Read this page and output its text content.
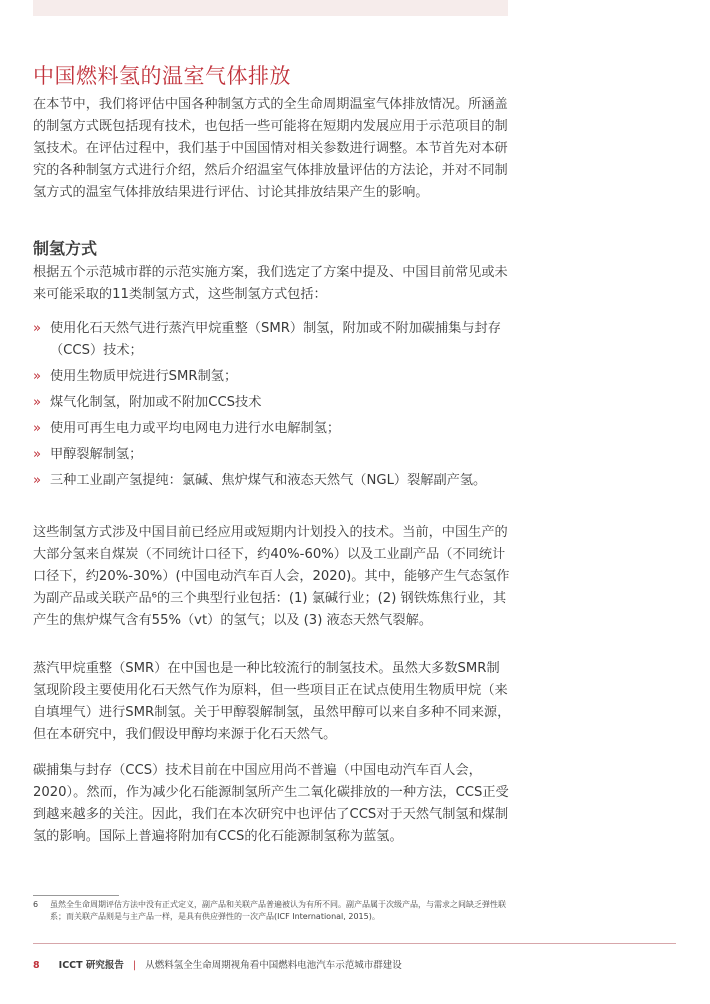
中国燃料氢的温室气体排放

在本节中，我们将评估中国各种制氢方式的全生命周期温室气体排放情况。所涵盖的制氢方式既包括现有技术，也包括一些可能将在短期内发展应用于示范项目的制氢技术。在评估过程中，我们基于中国国情对相关参数进行调整。本节首先对本研究的各种制氢方式进行介绍，然后介绍温室气体排放量评估的方法论，并对不同制氢方式的温室气体排放结果进行评估、讨论其排放结果产生的影响。

制氢方式

根据五个示范城市群的示范实施方案，我们选定了方案中提及、中国目前常见或未来可能采取的11类制氢方式，这些制氢方式包括：

» 使用化石天然气进行蒸汽甲烷重整（SMR）制氢，附加或不附加碳捕集与封存（CCS）技术；
» 使用生物质甲烷进行SMR制氢；
» 煤气化制氢，附加或不附加CCS技术
» 使用可再生电力或平均电网电力进行水电解制氢；
» 甲醇裂解制氢；
» 三种工业副产氢提纯：氯碱、焦炉煤气和液态天然气（NGL）裂解副产氢。

这些制氢方式涉及中国目前已经应用或短期内计划投入的技术。当前，中国生产的大部分氢来自煤炭（不同统计口径下，约40%-60%）以及工业副产品（不同统计口径下，约20%-30%）(中国电动汽车百人会，2020)。其中，能够产生气态氢作为副产品或关联产品⁶的三个典型行业包括：(1) 氯碱行业；(2) 钢铁炼焦行业，其产生的焦炉煤气含有55%（vt）的氢气；以及 (3) 液态天然气裂解。

蒸汽甲烷重整（SMR）在中国也是一种比较流行的制氢技术。虽然大多数SMR制氢现阶段主要使用化石天然气作为原料，但一些项目正在试点使用生物质甲烷（来自填埋气）进行SMR制氢。关于甲醇裂解制氢，虽然甲醇可以来自多种不同来源，但在本研究中，我们假设甲醇均来源于化石天然气。

碳捕集与封存（CCS）技术目前在中国应用尚不普遍（中国电动汽车百人会，2020）。然而，作为减少化石能源制氢所产生二氧化碳排放的一种方法，CCS正受到越来越多的关注。因此，我们在本次研究中也评估了CCS对于天然气制氢和煤制氢的影响。国际上普遍将附加有CCS的化石能源制氢称为蓝氢。

6	虽然全生命周期评估方法中没有正式定义，副产品和关联产品普遍被认为有所不同。副产品属于次级产品，与需求之间缺乏弹性联系；而关联产品则是与主产品一样，是具有供应弹性的一次产品(ICF International, 2015)。
8 ICCT 研究报告 | 从燃料氢全生命周期视角看中国燃料电池汽车示范城市群建设
